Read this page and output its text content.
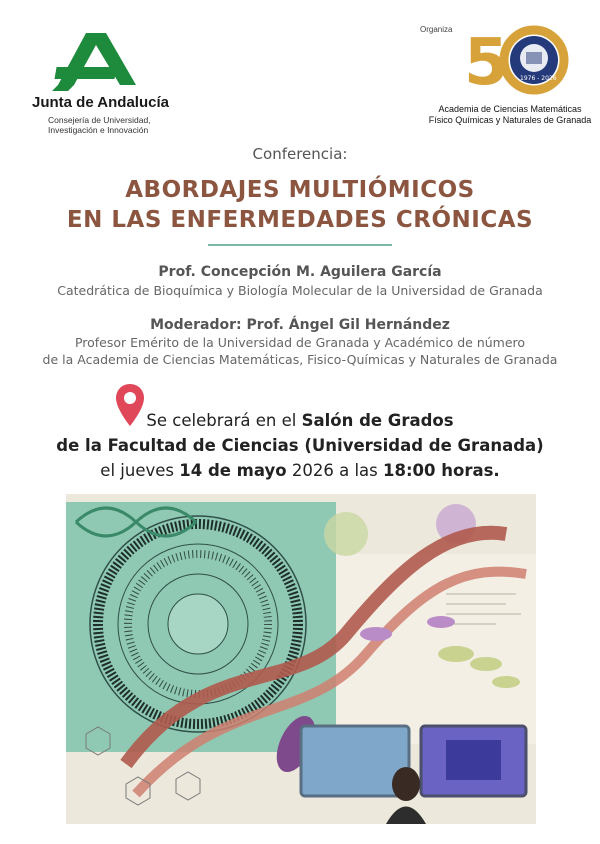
Junta de Andalucía
Consejería de Universidad,
Investigación e Innovación
Organiza 5 1976 - 2026
Academia de Ciencias Matemáticas
Físico Químicas y Naturales de Granada
Conferencia:
ABORDAJES MULTIÓMICOS
EN LAS ENFERMEDADES CRÓNICAS
Prof. Concepción M. Aguilera García
Catedrática de Bioquímica y Biología Molecular de la Universidad de Granada
Moderador: Prof. Ángel Gil Hernández
Profesor Emérito de la Universidad de Granada y Académico de número
de la Academia de Ciencias Matemáticas, Fisico-Químicas y Naturales de Granada
Se celebrará en el Salón de Grados
de la Facultad de Ciencias (Universidad de Granada)
el jueves 14 de mayo 2026 a las 18:00 horas.
